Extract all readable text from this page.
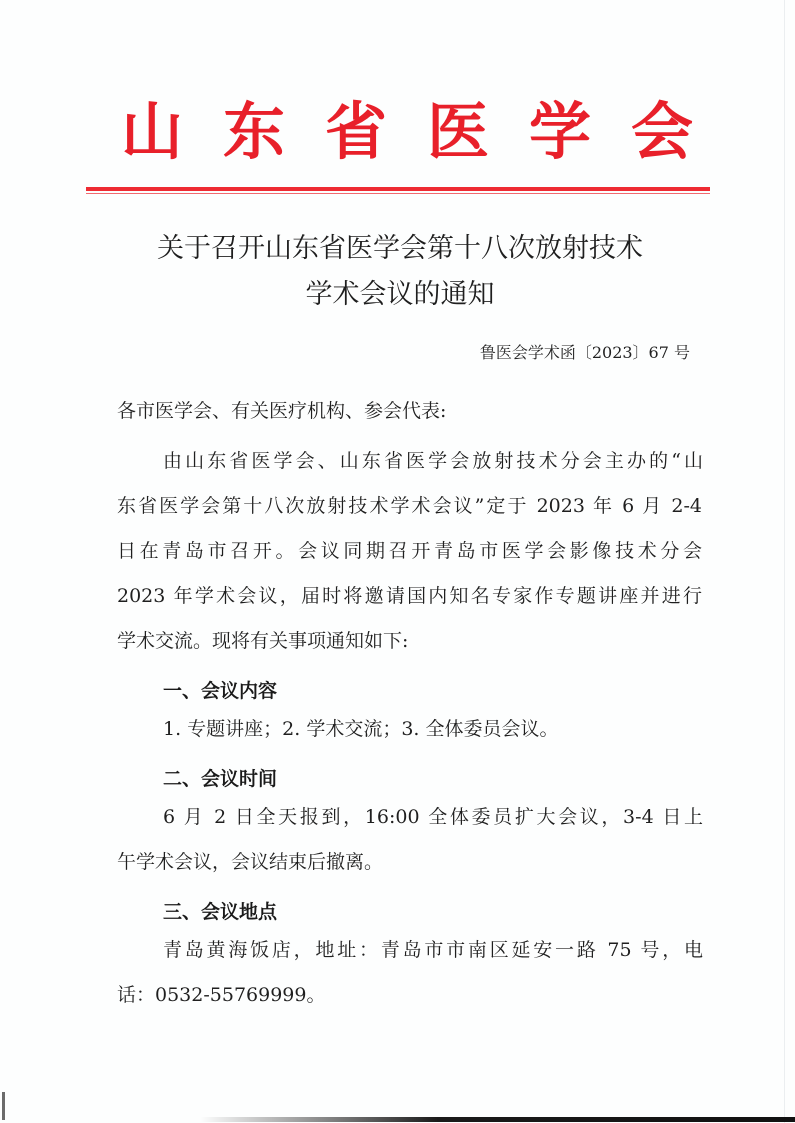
山 东 省 医 学 会
关于召开山东省医学会第十八次放射技术
学术会议的通知
鲁医会学术函〔2023〕67 号
各市医学会、有关医疗机构、参会代表:
由山东省医学会、山东省医学会放射技术分会主办的“山
东省医学会第十八次放射技术学术会议”定于 2023 年 6 月 2-4
日在青岛市召开。会议同期召开青岛市医学会影像技术分会
2023 年学术会议，届时将邀请国内知名专家作专题讲座并进行
学术交流。现将有关事项通知如下:
一、会议内容
1. 专题讲座；2. 学术交流；3. 全体委员会议。
二、会议时间
6 月 2 日全天报到，16:00 全体委员扩大会议，3-4 日上
午学术会议，会议结束后撤离。
三、会议地点
青岛黄海饭店，地址：青岛市市南区延安一路 75 号，电
话：0532-55769999。
